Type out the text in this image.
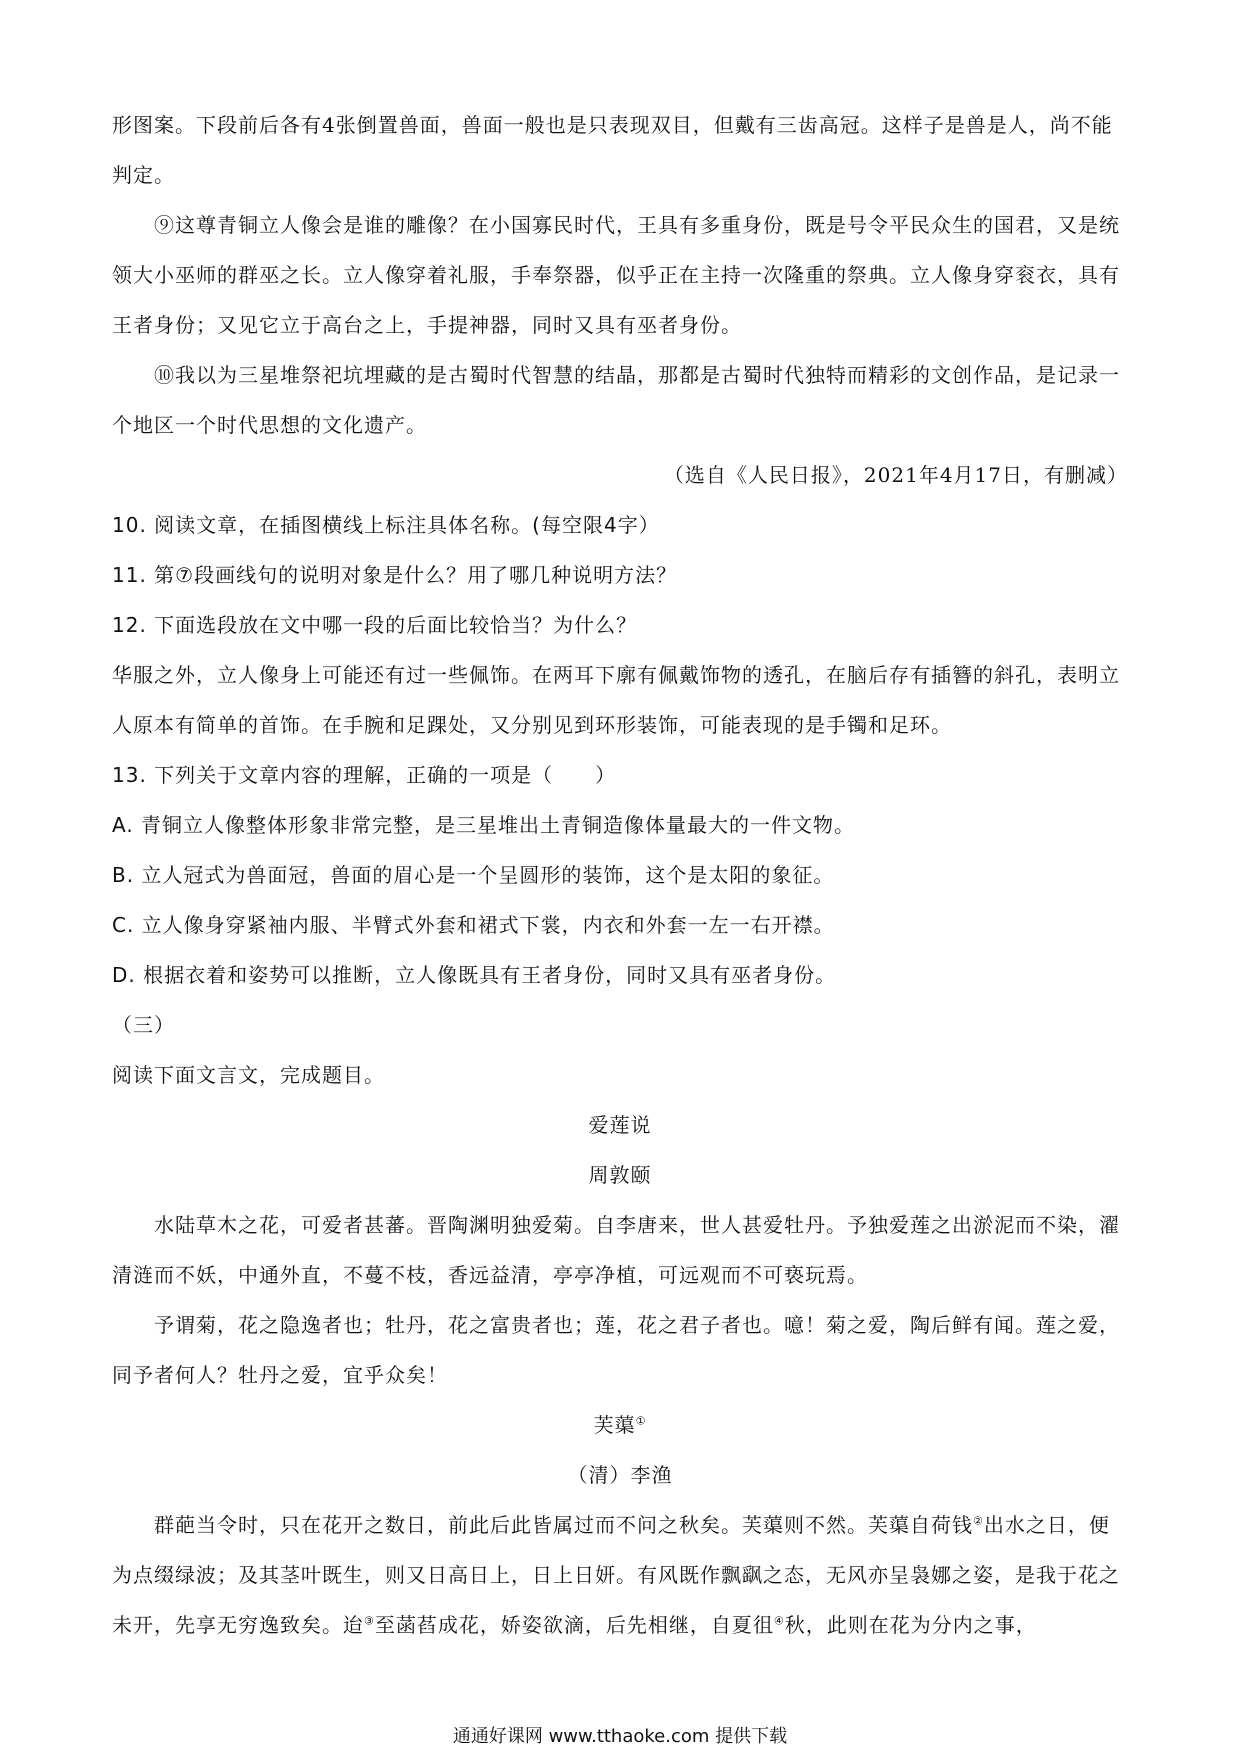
形图案。下段前后各有4张倒置兽面，兽面一般也是只表现双目，但戴有三齿高冠。这样子是兽是人，尚不能判定。

⑨这尊青铜立人像会是谁的雕像？在小国寡民时代，王具有多重身份，既是号令平民众生的国君，又是统领大小巫师的群巫之长。立人像穿着礼服，手奉祭器，似乎正在主持一次隆重的祭典。立人像身穿衮衣，具有王者身份；又见它立于高台之上，手提神器，同时又具有巫者身份。

⑩我以为三星堆祭祀坑埋藏的是古蜀时代智慧的结晶，那都是古蜀时代独特而精彩的文创作品，是记录一个地区一个时代思想的文化遗产。

（选自《人民日报》，2021年4月17日，有删减）

10. 阅读文章，在插图横线上标注具体名称。(每空限4字）

11. 第⑦段画线句的说明对象是什么？用了哪几种说明方法？

12. 下面选段放在文中哪一段的后面比较恰当？为什么？

华服之外，立人像身上可能还有过一些佩饰。在两耳下廓有佩戴饰物的透孔，在脑后存有插簪的斜孔，表明立人原本有简单的首饰。在手腕和足踝处，又分别见到环形装饰，可能表现的是手镯和足环。

13. 下列关于文章内容的理解，正确的一项是（　　）

A. 青铜立人像整体形象非常完整，是三星堆出土青铜造像体量最大的一件文物。

B. 立人冠式为兽面冠，兽面的眉心是一个呈圆形的装饰，这个是太阳的象征。

C. 立人像身穿紧袖内服、半臂式外套和裙式下裳，内衣和外套一左一右开襟。

D. 根据衣着和姿势可以推断，立人像既具有王者身份，同时又具有巫者身份。

（三）

阅读下面文言文，完成题目。

爱莲说

周敦颐

水陆草木之花，可爱者甚蕃。晋陶渊明独爱菊。自李唐来，世人甚爱牡丹。予独爱莲之出淤泥而不染，濯清涟而不妖，中通外直，不蔓不枝，香远益清，亭亭净植，可远观而不可亵玩焉。

予谓菊，花之隐逸者也；牡丹，花之富贵者也；莲，花之君子者也。噫！菊之爱，陶后鲜有闻。莲之爱，同予者何人？牡丹之爱，宜乎众矣！

芙蕖①

（清）李渔

群葩当令时，只在花开之数日，前此后此皆属过而不问之秋矣。芙蕖则不然。芙蕖自荷钱②出水之日，便为点缀绿波；及其茎叶既生，则又日高日上，日上日妍。有风既作飘飖之态，无风亦呈袅娜之姿，是我于花之未开，先享无穷逸致矣。迨③至菡萏成花，娇姿欲滴，后先相继，自夏徂④秋，此则在花为分内之事，

通通好课网 www.tthaoke.com 提供下载
